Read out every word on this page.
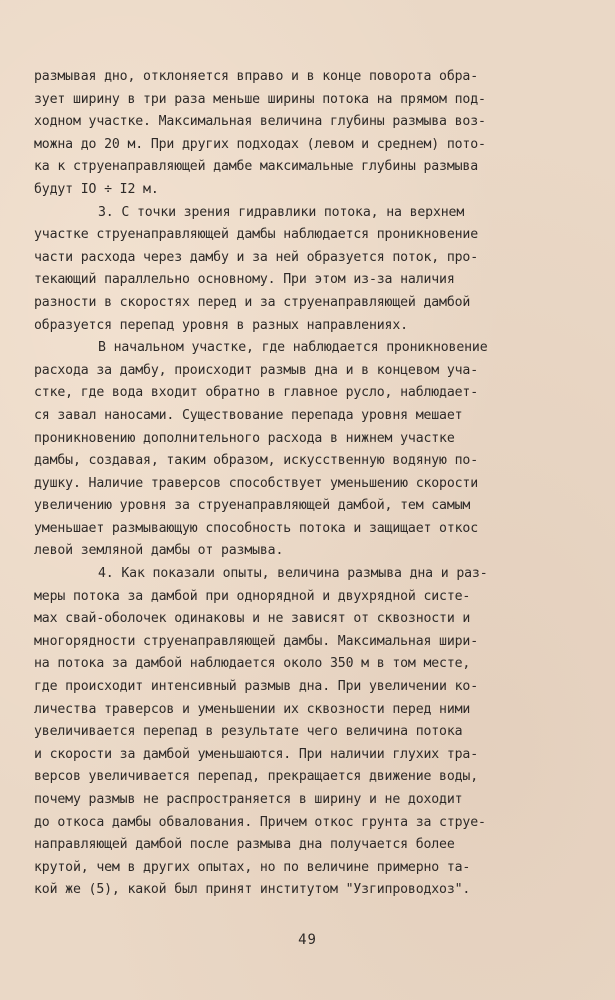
размывая дно, отклоняется вправо и в конце поворота обра-
зует ширину в три раза меньше ширины потока на прямом под-
ходном участке. Максимальная величина глубины размыва воз-
можна до 20 м. При других подходах (левом и среднем) пото-
ка к струенаправляющей дамбе максимальные глубины размыва
будут IO ÷ I2 м.
3. С точки зрения гидравлики потока, на верхнем
участке струенаправляющей дамбы наблюдается проникновение
части расхода через дамбу и за ней образуется поток, про-
текающий параллельно основному. При этом из-за наличия
разности в скоростях перед и за струенаправляющей дамбой
образуется перепад уровня в разных направлениях.
В начальном участке, где наблюдается проникновение
расхода за дамбу, происходит размыв дна и в концевом уча-
стке, где вода входит обратно в главное русло, наблюдает-
ся завал наносами. Существование перепада уровня мешает
проникновению дополнительного расхода в нижнем участке
дамбы, создавая, таким образом, искусственную водяную по-
душку. Наличие траверсов способствует уменьшению скорости
увеличению уровня за струенаправляющей дамбой, тем самым
уменьшает размывающую способность потока и защищает откос
левой земляной дамбы от размыва.
4. Как показали опыты, величина размыва дна и раз-
меры потока за дамбой при однорядной и двухрядной систе-
мах свай-оболочек одинаковы и не зависят от сквозности и
многорядности струенаправляющей дамбы. Максимальная шири-
на потока за дамбой наблюдается около 350 м в том месте,
где происходит интенсивный размыв дна. При увеличении ко-
личества траверсов и уменьшении их сквозности перед ними
увеличивается перепад в результате чего величина потока
и скорости за дамбой уменьшаются. При наличии глухих тра-
версов увеличивается перепад, прекращается движение воды,
почему размыв не распространяется в ширину и не доходит
до откоса дамбы обвалования. Причем откос грунта за струе-
направляющей дамбой после размыва дна получается более
крутой, чем в других опытах, но по величине примерно та-
кой же (5), какой был принят институтом "Узгипроводхоз".
49
